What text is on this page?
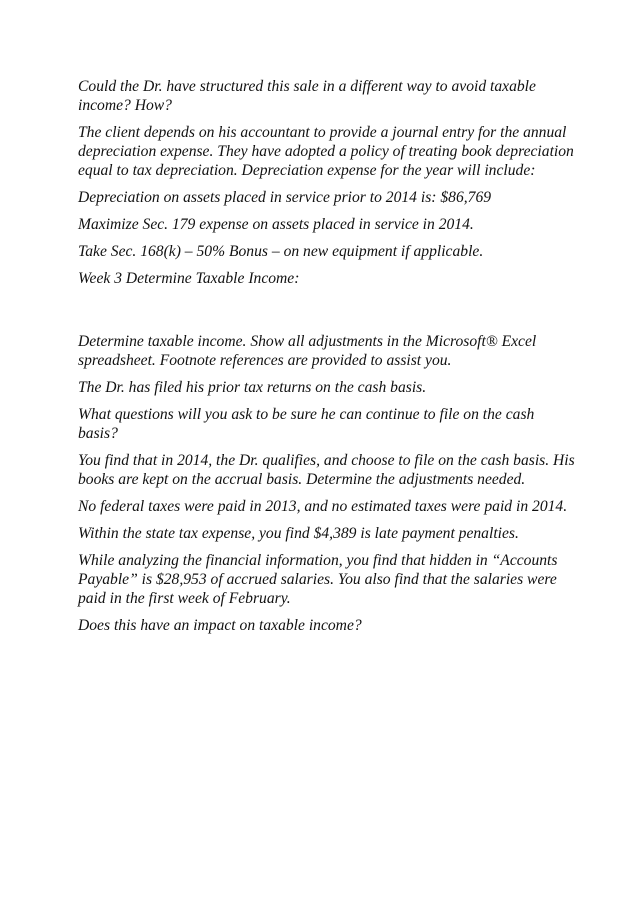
Could the Dr. have structured this sale in a different way to avoid taxable income? How?

The client depends on his accountant to provide a journal entry for the annual depreciation expense. They have adopted a policy of treating book depreciation equal to tax depreciation. Depreciation expense for the year will include:

Depreciation on assets placed in service prior to 2014 is: $86,769

Maximize Sec. 179 expense on assets placed in service in 2014.

Take Sec. 168(k) – 50% Bonus – on new equipment if applicable.

Week 3 Determine Taxable Income:

Determine taxable income. Show all adjustments in the Microsoft® Excel spreadsheet. Footnote references are provided to assist you.

The Dr. has filed his prior tax returns on the cash basis.

What questions will you ask to be sure he can continue to file on the cash basis?

You find that in 2014, the Dr. qualifies, and choose to file on the cash basis. His books are kept on the accrual basis. Determine the adjustments needed.

No federal taxes were paid in 2013, and no estimated taxes were paid in 2014.

Within the state tax expense, you find $4,389 is late payment penalties.

While analyzing the financial information, you find that hidden in “Accounts Payable” is $28,953 of accrued salaries. You also find that the salaries were paid in the first week of February.

Does this have an impact on taxable income?
